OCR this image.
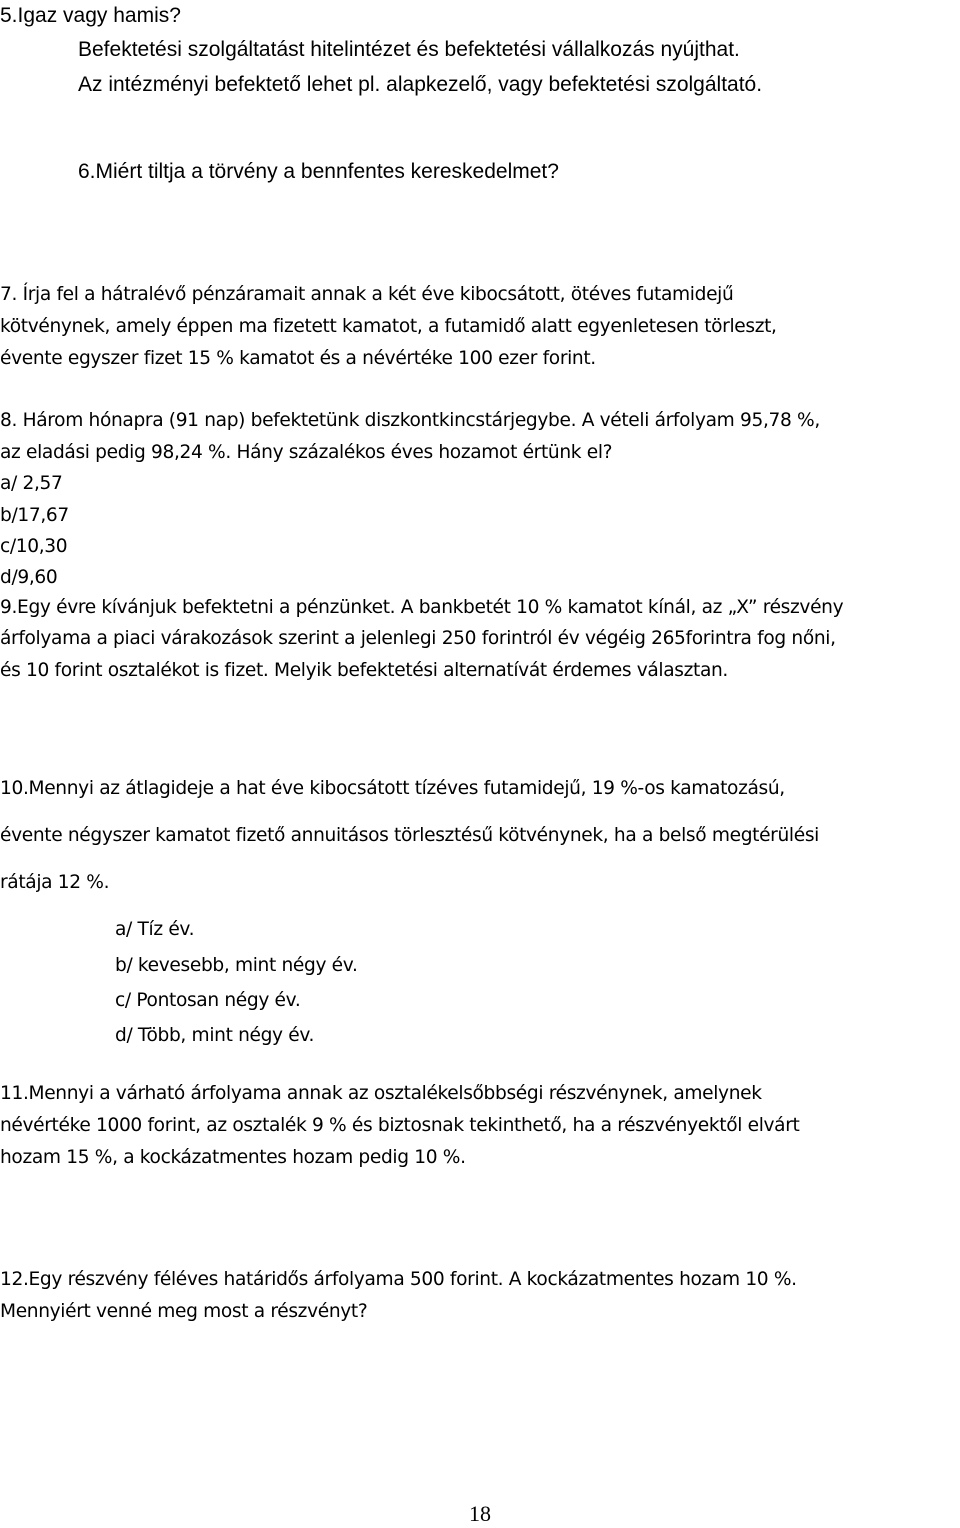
5.Igaz vagy hamis?
Befektetési szolgáltatást hitelintézet és befektetési vállalkozás nyújthat.
Az intézményi befektető lehet pl. alapkezelő, vagy befektetési szolgáltató.
6.Miért tiltja a törvény a bennfentes kereskedelmet?
7. Írja fel a hátralévő pénzáramait annak a két éve kibocsátott, ötéves futamidejű
kötvénynek, amely éppen ma fizetett kamatot, a futamidő alatt egyenletesen törleszt,
évente egyszer fizet 15 % kamatot és a névértéke 100 ezer forint.
8. Három hónapra (91 nap) befektetünk diszkontkincstárjegybe. A vételi árfolyam 95,78 %,
az eladási pedig 98,24 %. Hány százalékos éves hozamot értünk el?
a/ 2,57
b/17,67
c/10,30
d/9,60
9.Egy évre kívánjuk befektetni a pénzünket. A bankbetét 10 % kamatot kínál, az „X” részvény
árfolyama a piaci várakozások szerint a jelenlegi 250 forintról év végéig 265forintra fog nőni,
és 10 forint osztalékot is fizet. Melyik befektetési alternatívát érdemes választan.
10.Mennyi az átlagideje a hat éve kibocsátott tízéves futamidejű, 19 %-os kamatozású,
évente négyszer kamatot fizető annuitásos törlesztésű kötvénynek, ha a belső megtérülési
rátája 12 %.
a/ Tíz év.
b/ kevesebb, mint négy év.
c/ Pontosan négy év.
d/ Több, mint négy év.
11.Mennyi a várható árfolyama annak az osztalékelsőbbségi részvénynek, amelynek
névértéke 1000 forint, az osztalék 9 % és biztosnak tekinthető, ha a részvényektől elvárt
hozam 15 %, a kockázatmentes hozam pedig 10 %.
12.Egy részvény féléves határidős árfolyama 500 forint. A kockázatmentes hozam 10 %.
Mennyiért venné meg most a részvényt?
18
